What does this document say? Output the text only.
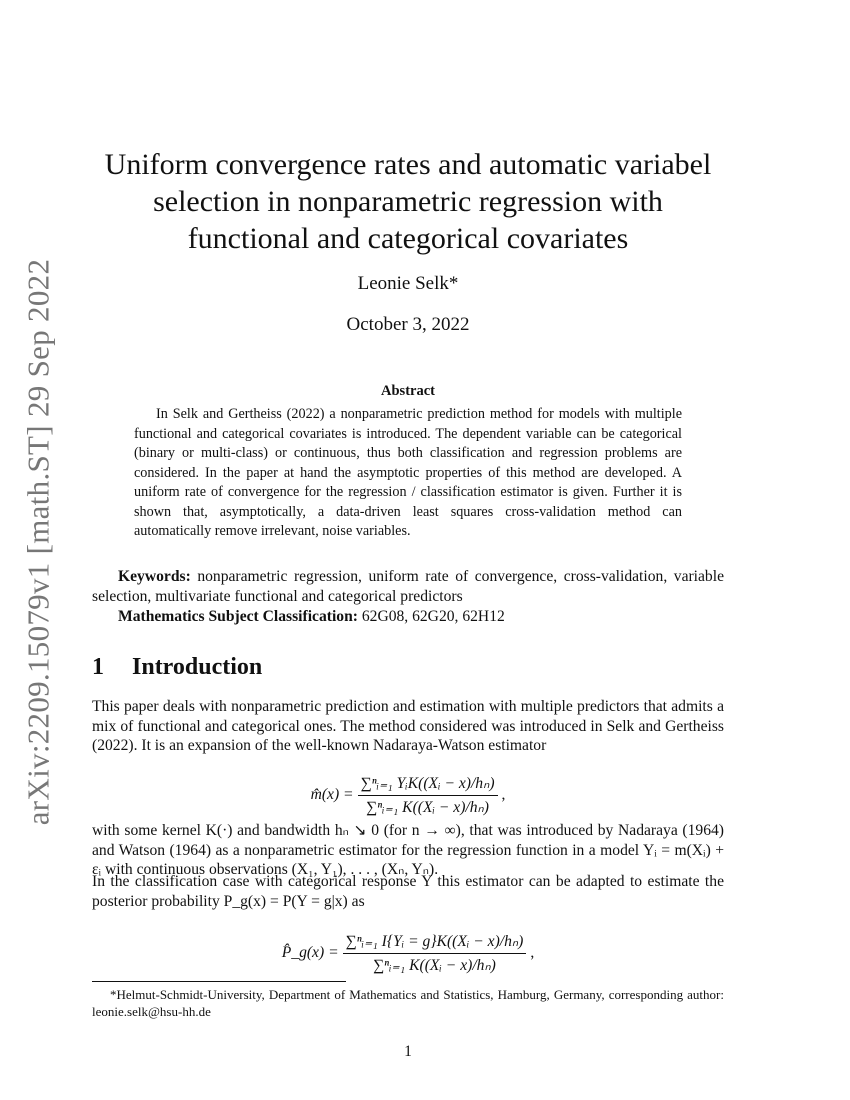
arXiv:2209.15079v1 [math.ST] 29 Sep 2022
Uniform convergence rates and automatic variabel selection in nonparametric regression with functional and categorical covariates
Leonie Selk*
October 3, 2022
Abstract

In Selk and Gertheiss (2022) a nonparametric prediction method for models with multiple functional and categorical covariates is introduced. The dependent variable can be categorical (binary or multi-class) or continuous, thus both classification and regression problems are considered. In the paper at hand the asymptotic properties of this method are developed. A uniform rate of convergence for the regression / classification estimator is given. Further it is shown that, asymptotically, a data-driven least squares cross-validation method can automatically remove irrelevant, noise variables.

Keywords: nonparametric regression, uniform rate of convergence, cross-validation, variable selection, multivariate functional and categorical predictors

Mathematics Subject Classification: 62G08, 62G20, 62H12

1 Introduction

This paper deals with nonparametric prediction and estimation with multiple predictors that admits a mix of functional and categorical ones. The method considered was introduced in Selk and Gertheiss (2022). It is an expansion of the well-known Nadaraya-Watson estimator

m̂(x) = $\frac{\text{∑ⁿᵢ₌₁ YᵢK((Xᵢ − x)/hₙ)}}{\text{∑ⁿᵢ₌₁ K((Xᵢ − x)/hₙ)}}$ ,

with some kernel K(·) and bandwidth hₙ ↘ 0 (for n → ∞), that was introduced by Nadaraya (1964) and Watson (1964) as a nonparametric estimator for the regression function in a model Yᵢ = m(Xᵢ) + εᵢ with continuous observations (X₁, Y₁), . . . , (Xₙ, Yₙ).

In the classification case with categorical response Y this estimator can be adapted to estimate the posterior probability P_g(x) = P(Y = g|x) as

P̂_g(x) = $\frac{\text{∑ⁿᵢ₌₁ I\{Yᵢ = g\}K((Xᵢ − x)/hₙ)}}{\text{∑ⁿᵢ₌₁ K((Xᵢ − x)/hₙ)}}$ ,

*Helmut-Schmidt-University, Department of Mathematics and Statistics, Hamburg, Germany, corresponding author: leonie.selk@hsu-hh.de

1
